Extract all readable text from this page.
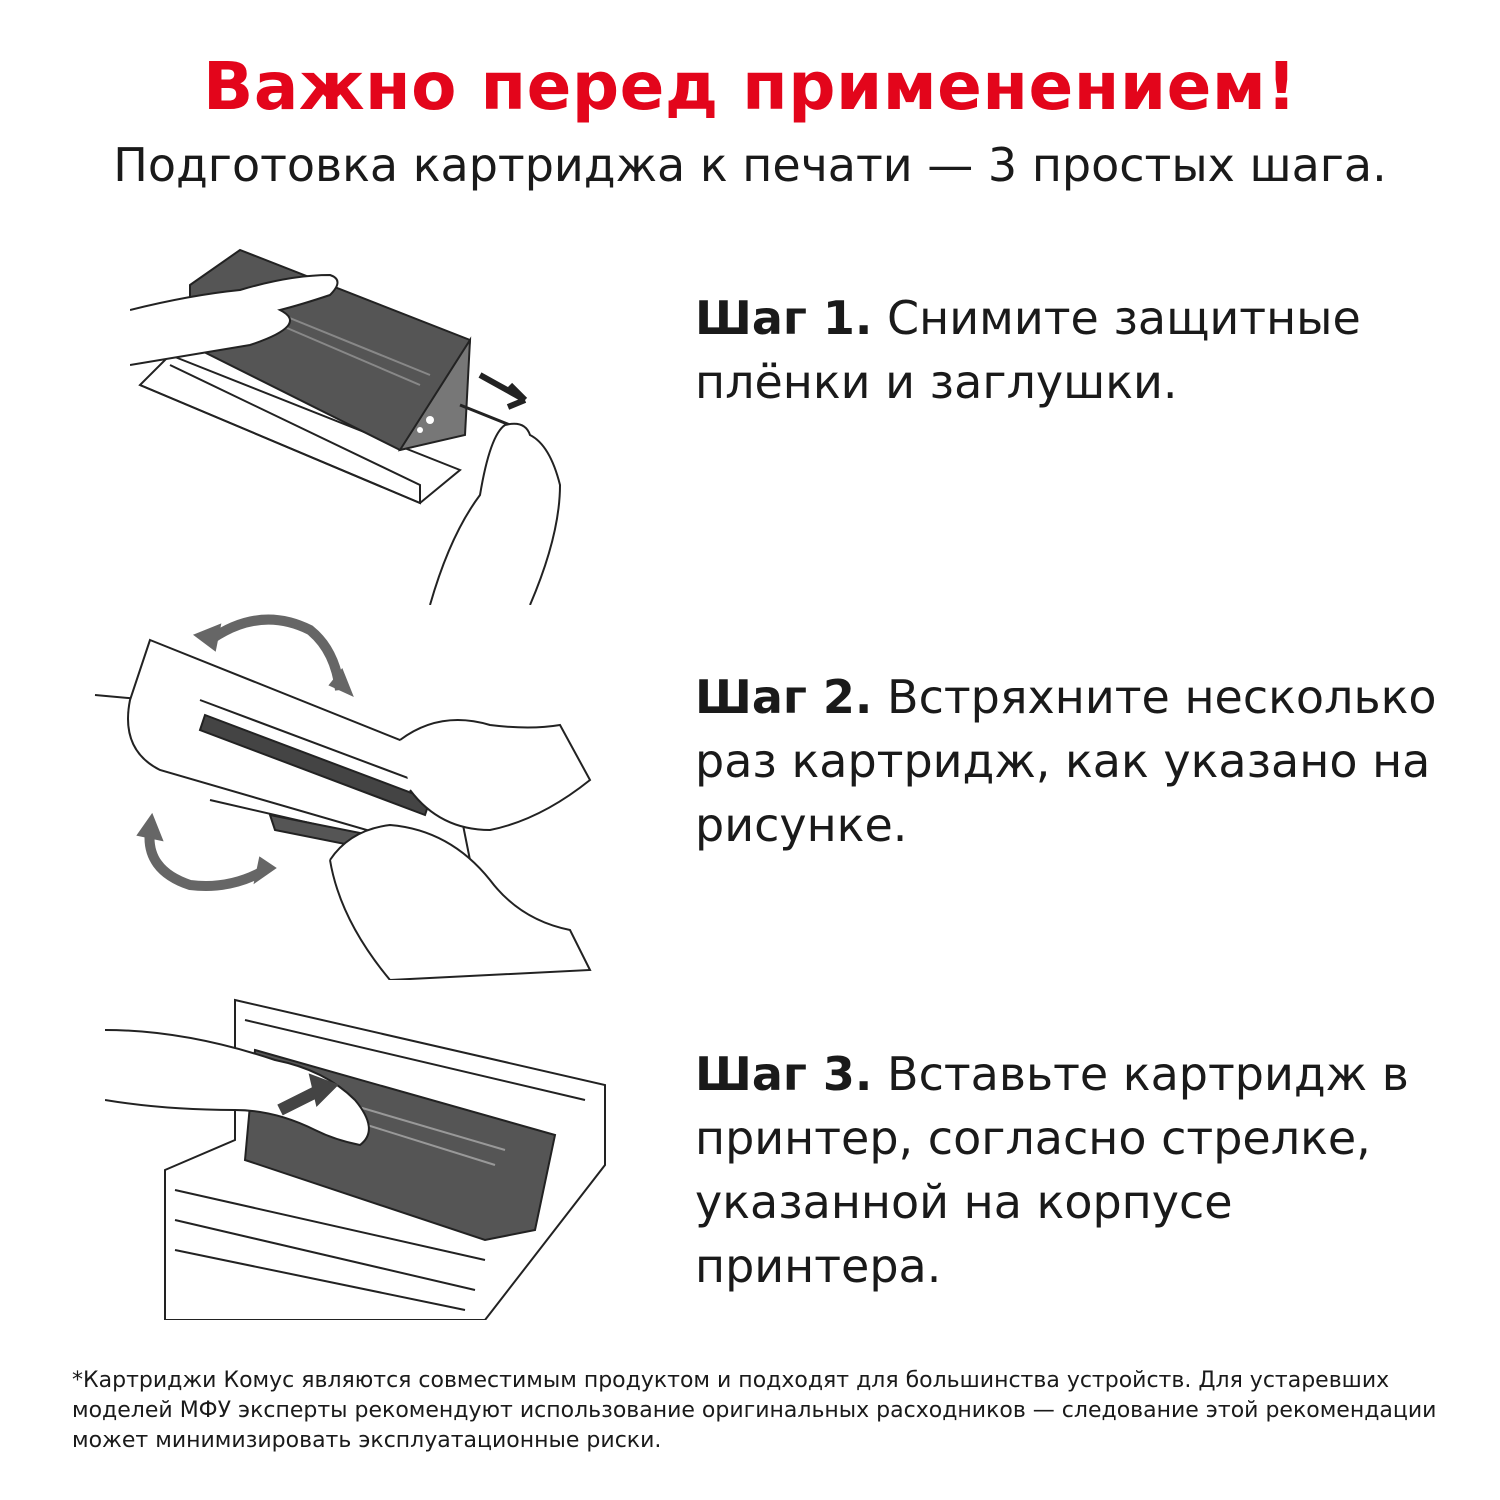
Важно перед применением!
Подготовка картриджа к печати — 3 простых шага.
Шаг 1. Снимите защитные плёнки и заглушки.
Шаг 2. Встряхните несколько раз картридж, как указано на рисунке.
Шаг 3. Вставьте картридж в принтер, согласно стрелке, указанной на корпусе принтера.
*Картриджи Комус являются совместимым продуктом и подходят для большинства устройств. Для устаревших моделей МФУ эксперты рекомендуют использование оригинальных расходников — следование этой рекомендации может минимизировать эксплуатационные риски.
